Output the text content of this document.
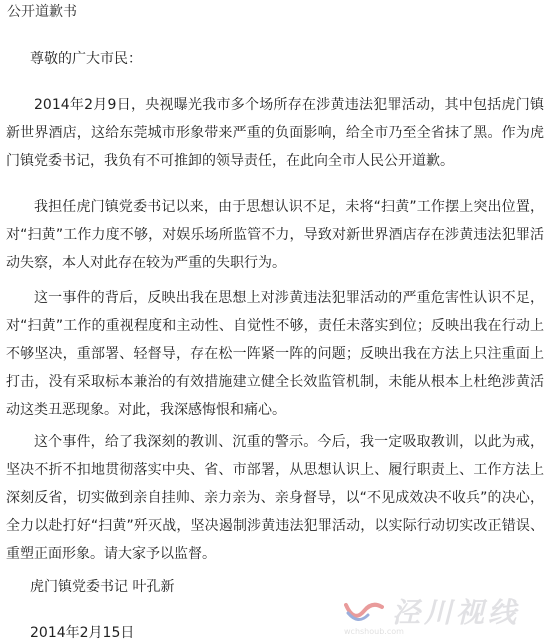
公开道歉书
尊敬的广大市民：

2014年2月9日，央视曝光我市多个场所存在涉黄违法犯罪活动，其中包括虎门镇新世界酒店，这给东莞城市形象带来严重的负面影响，给全市乃至全省抹了黑。作为虎门镇党委书记，我负有不可推卸的领导责任，在此向全市人民公开道歉。

我担任虎门镇党委书记以来，由于思想认识不足，未将“扫黄”工作摆上突出位置，对“扫黄”工作力度不够，对娱乐场所监管不力，导致对新世界酒店存在涉黄违法犯罪活动失察，本人对此存在较为严重的失职行为。

这一事件的背后，反映出我在思想上对涉黄违法犯罪活动的严重危害性认识不足，对“扫黄”工作的重视程度和主动性、自觉性不够，责任未落实到位；反映出我在行动上不够坚决，重部署、轻督导，存在松一阵紧一阵的问题；反映出我在方法上只注重面上打击，没有采取标本兼治的有效措施建立健全长效监管机制，未能从根本上杜绝涉黄活动这类丑恶现象。对此，我深感悔恨和痛心。

这个事件，给了我深刻的教训、沉重的警示。今后，我一定吸取教训，以此为戒，坚决不折不扣地贯彻落实中央、省、市部署，从思想认识上、履行职责上、工作方法上深刻反省，切实做到亲自挂帅、亲力亲为、亲身督导，以“不见成效决不收兵”的决心，全力以赴打好“扫黄”歼灭战，坚决遏制涉黄违法犯罪活动，以实际行动切实改正错误、重塑正面形象。请大家予以监督。

虎门镇党委书记 叶孔新
2014年2月15日
泾川视线
wchshoub.com
